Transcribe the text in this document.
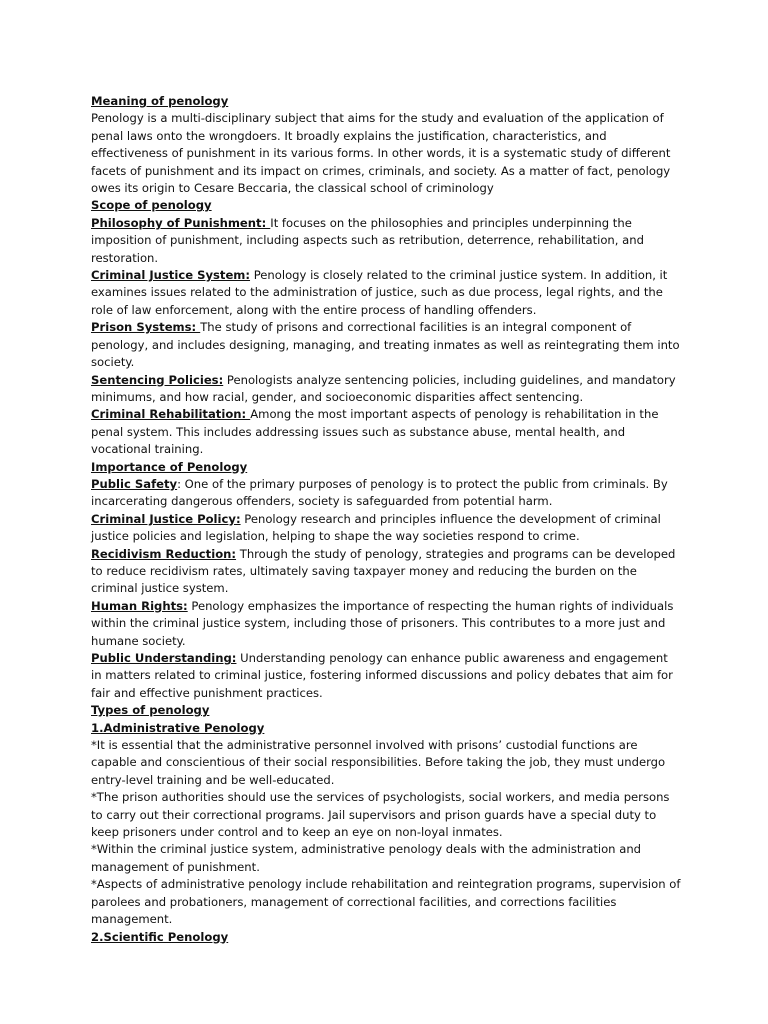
Meaning of penology

Penology is a multi-disciplinary subject that aims for the study and evaluation of the application of penal laws onto the wrongdoers. It broadly explains the justification, characteristics, and effectiveness of punishment in its various forms. In other words, it is a systematic study of different facets of punishment and its impact on crimes, criminals, and society. As a matter of fact, penology owes its origin to Cesare Beccaria, the classical school of criminology

Scope of penology

Philosophy of Punishment: It focuses on the philosophies and principles underpinning the imposition of punishment, including aspects such as retribution, deterrence, rehabilitation, and restoration.

Criminal Justice System: Penology is closely related to the criminal justice system. In addition, it examines issues related to the administration of justice, such as due process, legal rights, and the role of law enforcement, along with the entire process of handling offenders.

Prison Systems: The study of prisons and correctional facilities is an integral component of penology, and includes designing, managing, and treating inmates as well as reintegrating them into society.

Sentencing Policies: Penologists analyze sentencing policies, including guidelines, and mandatory minimums, and how racial, gender, and socioeconomic disparities affect sentencing.

Criminal Rehabilitation: Among the most important aspects of penology is rehabilitation in the penal system. This includes addressing issues such as substance abuse, mental health, and vocational training.

Importance of Penology

Public Safety: One of the primary purposes of penology is to protect the public from criminals. By incarcerating dangerous offenders, society is safeguarded from potential harm.

Criminal Justice Policy: Penology research and principles influence the development of criminal justice policies and legislation, helping to shape the way societies respond to crime.

Recidivism Reduction: Through the study of penology, strategies and programs can be developed to reduce recidivism rates, ultimately saving taxpayer money and reducing the burden on the criminal justice system.

Human Rights: Penology emphasizes the importance of respecting the human rights of individuals within the criminal justice system, including those of prisoners. This contributes to a more just and humane society.

Public Understanding: Understanding penology can enhance public awareness and engagement in matters related to criminal justice, fostering informed discussions and policy debates that aim for fair and effective punishment practices.

Types of penology

1.Administrative Penology

*It is essential that the administrative personnel involved with prisons’ custodial functions are capable and conscientious of their social responsibilities. Before taking the job, they must undergo entry-level training and be well-educated.

*The prison authorities should use the services of psychologists, social workers, and media persons to carry out their correctional programs. Jail supervisors and prison guards have a special duty to keep prisoners under control and to keep an eye on non-loyal inmates.

*Within the criminal justice system, administrative penology deals with the administration and management of punishment.

*Aspects of administrative penology include rehabilitation and reintegration programs, supervision of parolees and probationers, management of correctional facilities, and corrections facilities management.

2.Scientific Penology
